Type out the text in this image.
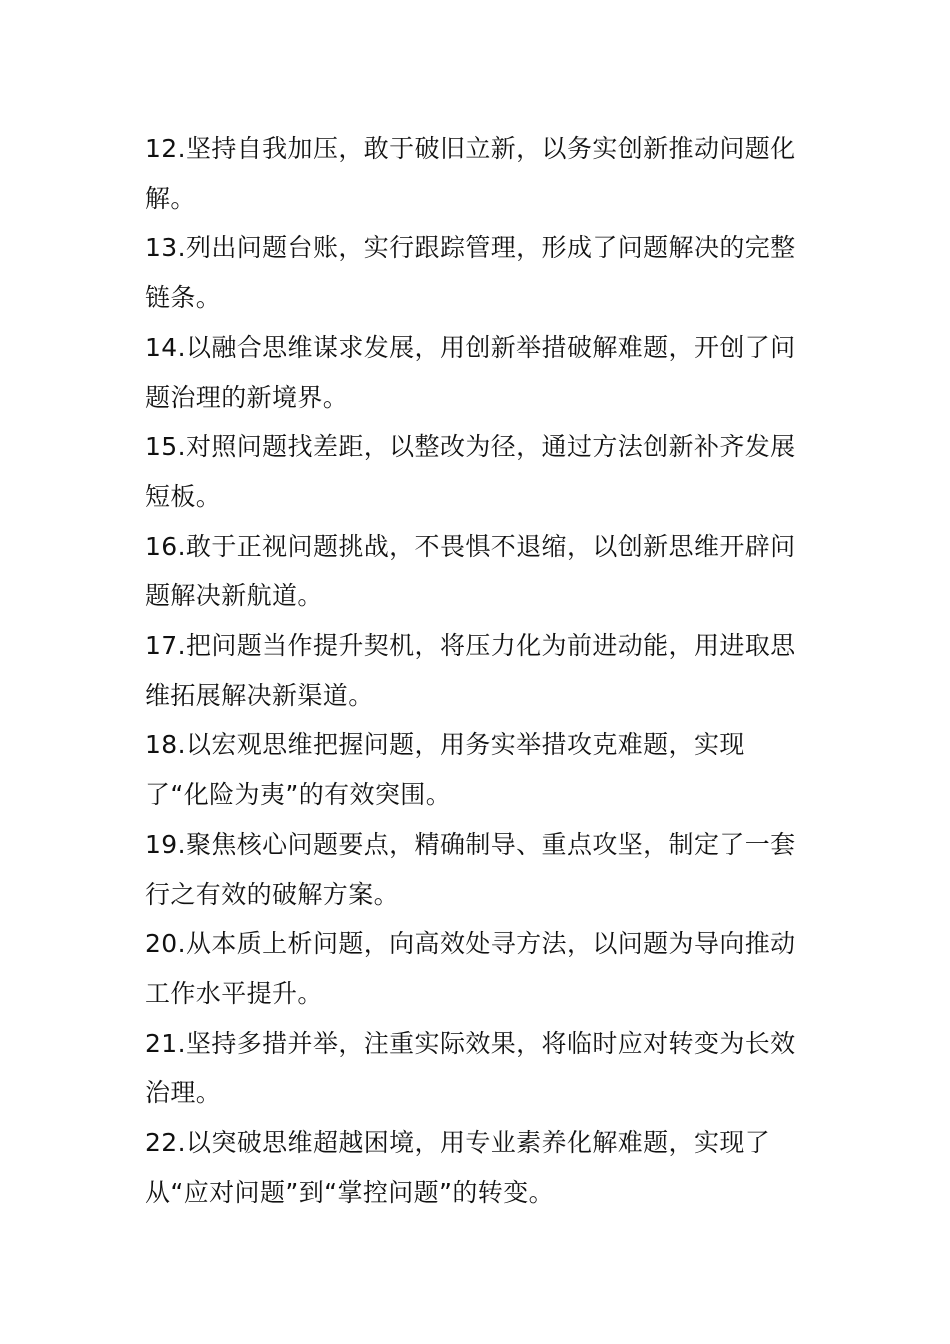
12.坚持自我加压，敢于破旧立新，以务实创新推动问题化解。

13.列出问题台账，实行跟踪管理，形成了问题解决的完整链条。

14.以融合思维谋求发展，用创新举措破解难题，开创了问题治理的新境界。

15.对照问题找差距，以整改为径，通过方法创新补齐发展短板。

16.敢于正视问题挑战，不畏惧不退缩，以创新思维开辟问题解决新航道。

17.把问题当作提升契机，将压力化为前进动能，用进取思维拓展解决新渠道。

18.以宏观思维把握问题，用务实举措攻克难题，实现了“化险为夷”的有效突围。

19.聚焦核心问题要点，精确制导、重点攻坚，制定了一套行之有效的破解方案。

20.从本质上析问题，向高效处寻方法，以问题为导向推动工作水平提升。

21.坚持多措并举，注重实际效果，将临时应对转变为长效治理。

22.以突破思维超越困境，用专业素养化解难题，实现了从“应对问题”到“掌控问题”的转变。
